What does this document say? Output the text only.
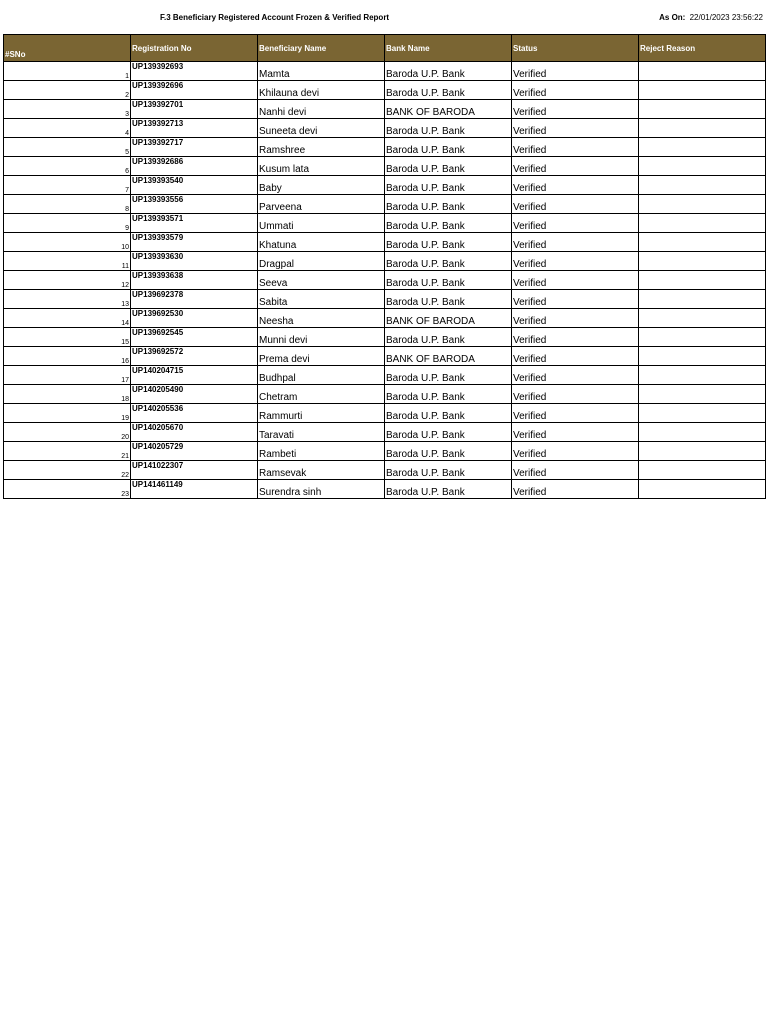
F.3 Beneficiary Registered Account Frozen & Verified Report	As On: 22/01/2023 23:56:22
#SNo	Registration No	Beneficiary Name	Bank Name	Status	Reject Reason
1	UP139392693	Mamta	Baroda U.P. Bank	Verified	
2	UP139392696	Khilauna devi	Baroda U.P. Bank	Verified	
3	UP139392701	Nanhi devi	BANK OF BARODA	Verified	
4	UP139392713	Suneeta devi	Baroda U.P. Bank	Verified	
5	UP139392717	Ramshree	Baroda U.P. Bank	Verified	
6	UP139392686	Kusum lata	Baroda U.P. Bank	Verified	
7	UP139393540	Baby	Baroda U.P. Bank	Verified	
8	UP139393556	Parveena	Baroda U.P. Bank	Verified	
9	UP139393571	Ummati	Baroda U.P. Bank	Verified	
10	UP139393579	Khatuna	Baroda U.P. Bank	Verified	
11	UP139393630	Dragpal	Baroda U.P. Bank	Verified	
12	UP139393638	Seeva	Baroda U.P. Bank	Verified	
13	UP139692378	Sabita	Baroda U.P. Bank	Verified	
14	UP139692530	Neesha	BANK OF BARODA	Verified	
15	UP139692545	Munni devi	Baroda U.P. Bank	Verified	
16	UP139692572	Prema devi	BANK OF BARODA	Verified	
17	UP140204715	Budhpal	Baroda U.P. Bank	Verified	
18	UP140205490	Chetram	Baroda U.P. Bank	Verified	
19	UP140205536	Rammurti	Baroda U.P. Bank	Verified	
20	UP140205670	Taravati	Baroda U.P. Bank	Verified	
21	UP140205729	Rambeti	Baroda U.P. Bank	Verified	
22	UP141022307	Ramsevak	Baroda U.P. Bank	Verified	
23	UP141461149	Surendra sinh	Baroda U.P. Bank	Verified	
